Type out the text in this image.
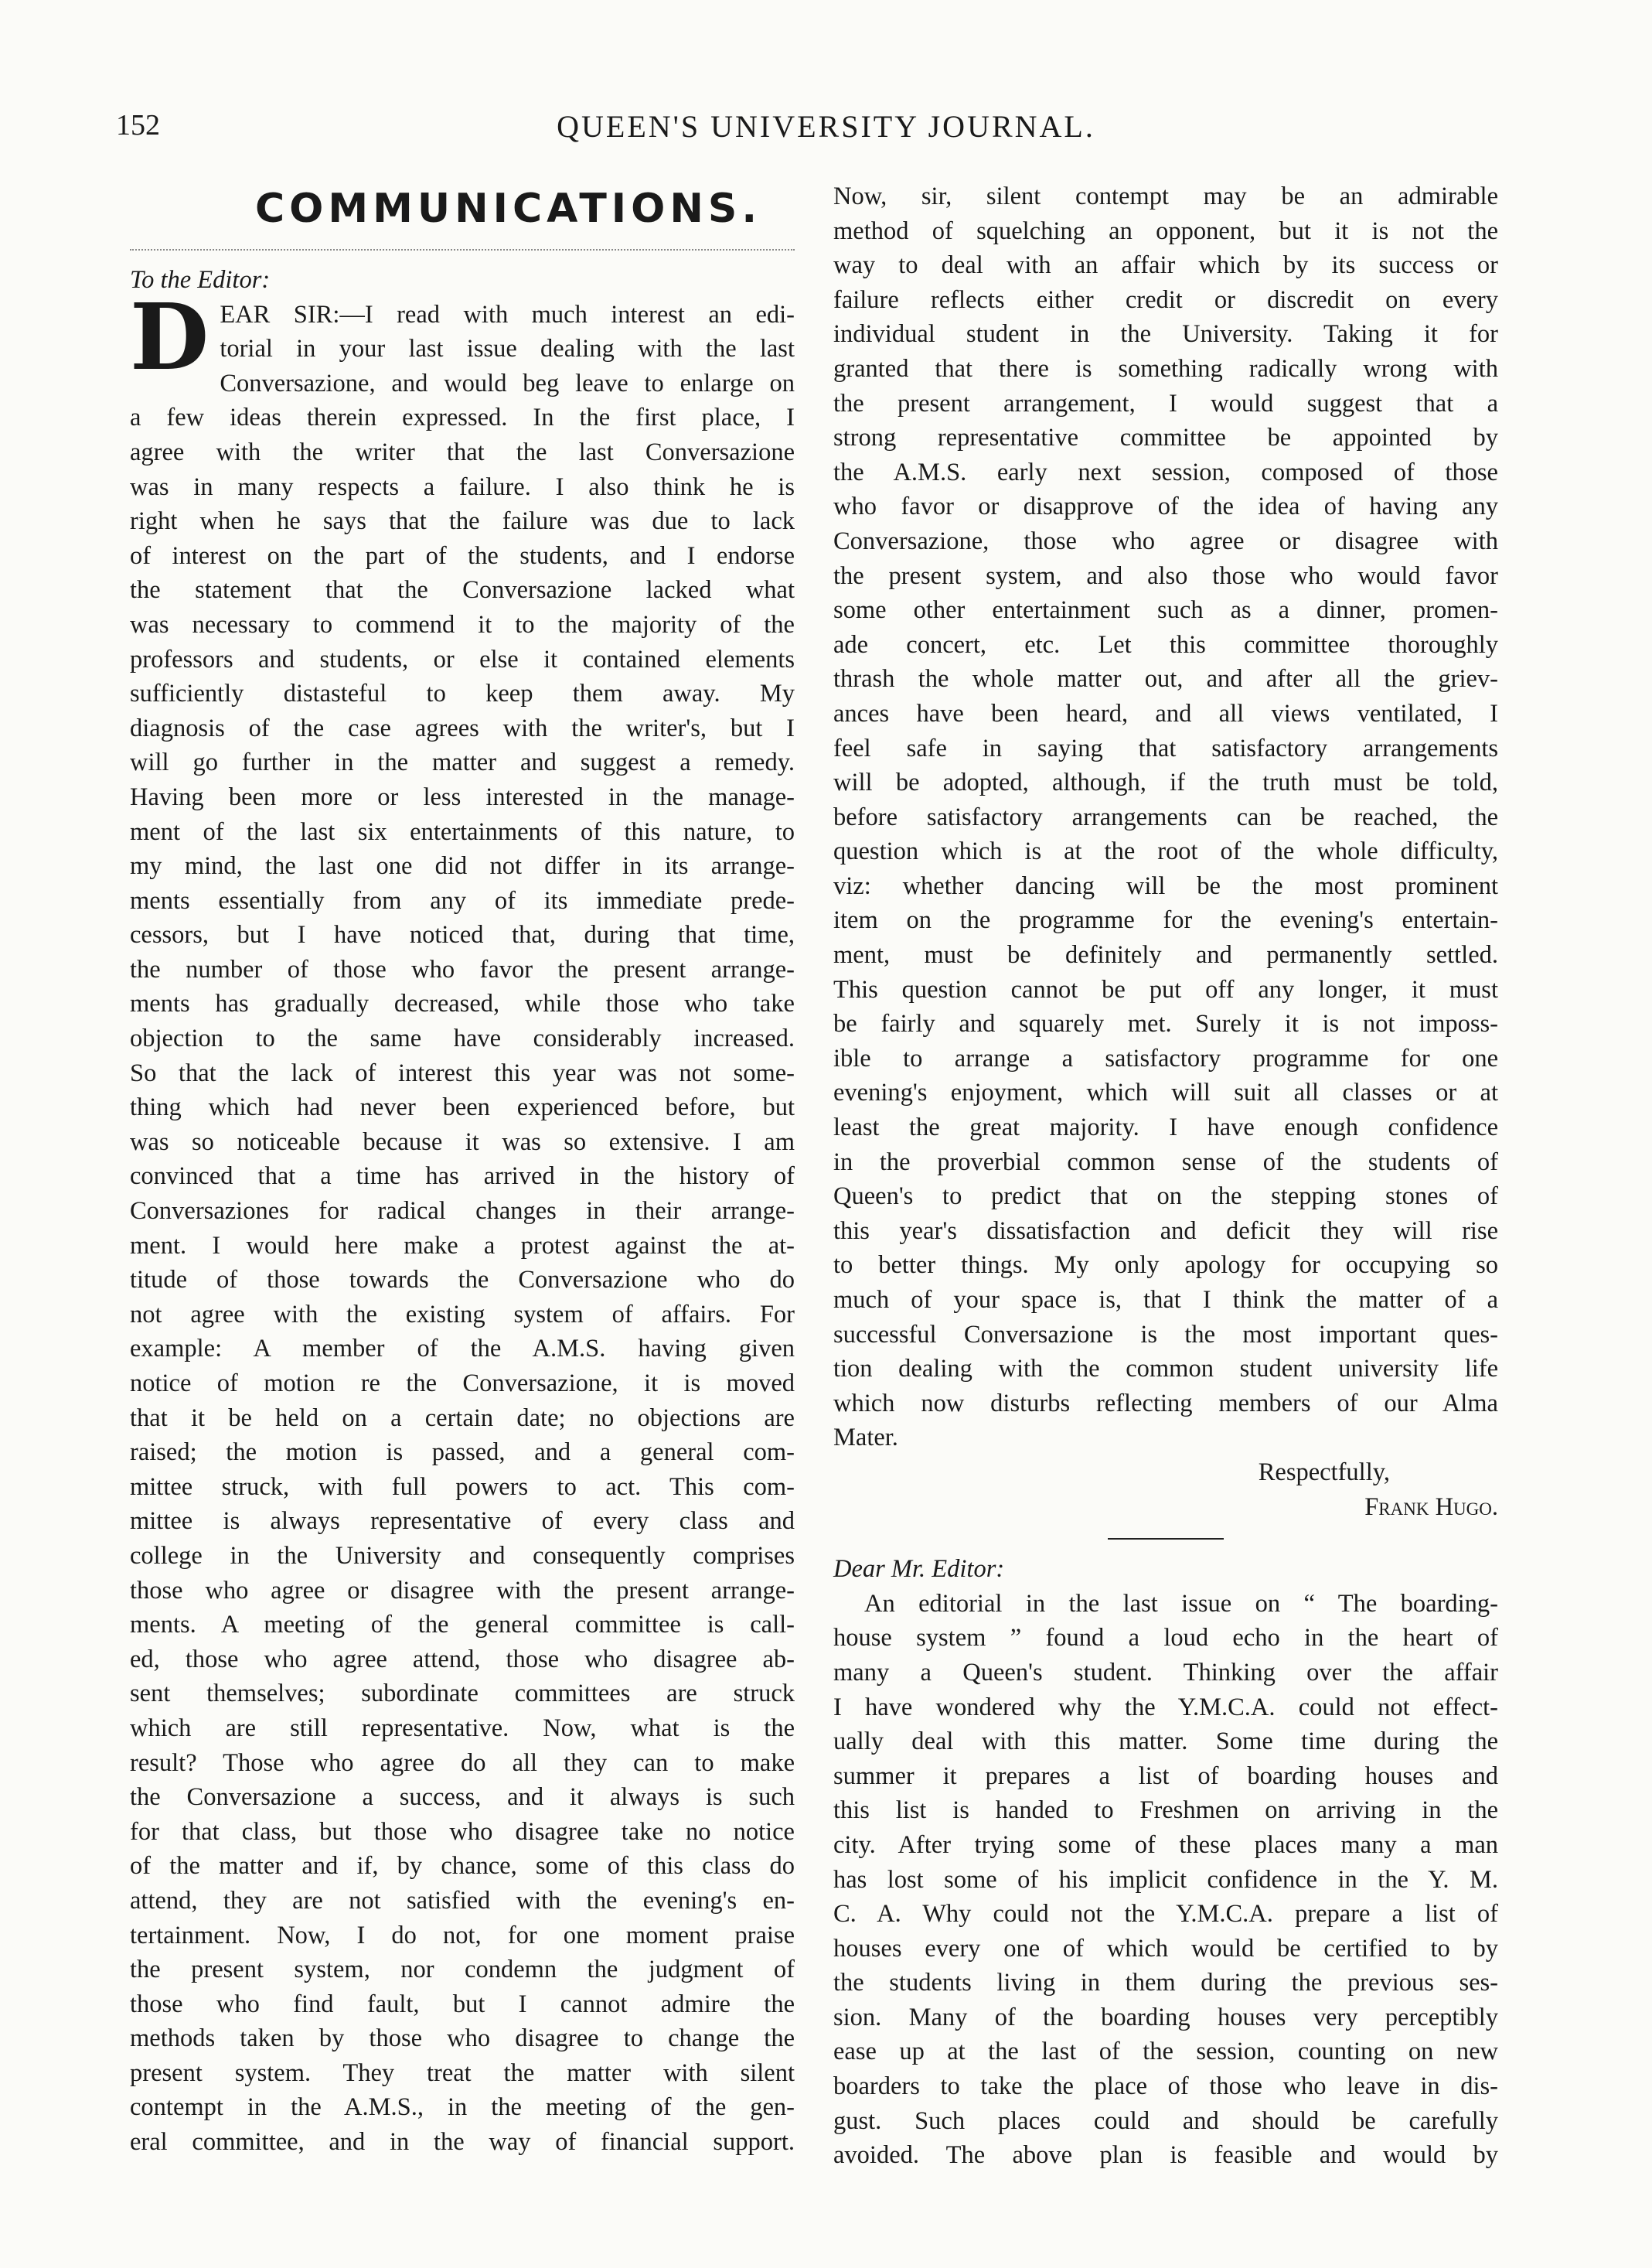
152	QUEEN'S UNIVERSITY JOURNAL.
COMMUNICATIONS.
To the Editor:
D EAR SIR:—I read with much interest an edi-
torial in your last issue dealing with the last
Conversazione, and would beg leave to enlarge on
a few ideas therein expressed. In the first place, I
agree with the writer that the last Conversazione
was in many respects a failure. I also think he is
right when he says that the failure was due to lack
of interest on the part of the students, and I endorse
the statement that the Conversazione lacked what
was necessary to commend it to the majority of the
professors and students, or else it contained elements
sufficiently distasteful to keep them away. My
diagnosis of the case agrees with the writer's, but I
will go further in the matter and suggest a remedy.
Having been more or less interested in the manage-
ment of the last six entertainments of this nature, to
my mind, the last one did not differ in its arrange-
ments essentially from any of its immediate prede-
cessors, but I have noticed that, during that time,
the number of those who favor the present arrange-
ments has gradually decreased, while those who take
objection to the same have considerably increased.
So that the lack of interest this year was not some-
thing which had never been experienced before, but
was so noticeable because it was so extensive. I am
convinced that a time has arrived in the history of
Conversaziones for radical changes in their arrange-
ment. I would here make a protest against the at-
titude of those towards the Conversazione who do
not agree with the existing system of affairs. For
example: A member of the A.M.S. having given
notice of motion re the Conversazione, it is moved
that it be held on a certain date; no objections are
raised; the motion is passed, and a general com-
mittee struck, with full powers to act. This com-
mittee is always representative of every class and
college in the University and consequently comprises
those who agree or disagree with the present arrange-
ments. A meeting of the general committee is call-
ed, those who agree attend, those who disagree ab-
sent themselves; subordinate committees are struck
which are still representative. Now, what is the
result? Those who agree do all they can to make
the Conversazione a success, and it always is such
for that class, but those who disagree take no notice
of the matter and if, by chance, some of this class do
attend, they are not satisfied with the evening's en-
tertainment. Now, I do not, for one moment praise
the present system, nor condemn the judgment of
those who find fault, but I cannot admire the
methods taken by those who disagree to change the
present system. They treat the matter with silent
contempt in the A.M.S., in the meeting of the gen-
eral committee, and in the way of financial support.
Now, sir, silent contempt may be an admirable
method of squelching an opponent, but it is not the
way to deal with an affair which by its success or
failure reflects either credit or discredit on every
individual student in the University. Taking it for
granted that there is something radically wrong with
the present arrangement, I would suggest that a
strong representative committee be appointed by
the A.M.S. early next session, composed of those
who favor or disapprove of the idea of having any
Conversazione, those who agree or disagree with
the present system, and also those who would favor
some other entertainment such as a dinner, promen-
ade concert, etc. Let this committee thoroughly
thrash the whole matter out, and after all the griev-
ances have been heard, and all views ventilated, I
feel safe in saying that satisfactory arrangements
will be adopted, although, if the truth must be told,
before satisfactory arrangements can be reached, the
question which is at the root of the whole difficulty,
viz: whether dancing will be the most prominent
item on the programme for the evening's entertain-
ment, must be definitely and permanently settled.
This question cannot be put off any longer, it must
be fairly and squarely met. Surely it is not imposs-
ible to arrange a satisfactory programme for one
evening's enjoyment, which will suit all classes or at
least the great majority. I have enough confidence
in the proverbial common sense of the students of
Queen's to predict that on the stepping stones of
this year's dissatisfaction and deficit they will rise
to better things. My only apology for occupying so
much of your space is, that I think the matter of a
successful Conversazione is the most important ques-
tion dealing with the common student university life
which now disturbs reflecting members of our Alma
Mater.
Respectfully,
Frank Hugo.
Dear Mr. Editor:
An editorial in the last issue on “ The boarding-
house system ” found a loud echo in the heart of
many a Queen's student. Thinking over the affair
I have wondered why the Y.M.C.A. could not effect-
ually deal with this matter. Some time during the
summer it prepares a list of boarding houses and
this list is handed to Freshmen on arriving in the
city. After trying some of these places many a man
has lost some of his implicit confidence in the Y. M.
C. A. Why could not the Y.M.C.A. prepare a list of
houses every one of which would be certified to by
the students living in them during the previous ses-
sion. Many of the boarding houses very perceptibly
ease up at the last of the session, counting on new
boarders to take the place of those who leave in dis-
gust. Such places could and should be carefully
avoided. The above plan is feasible and would by
